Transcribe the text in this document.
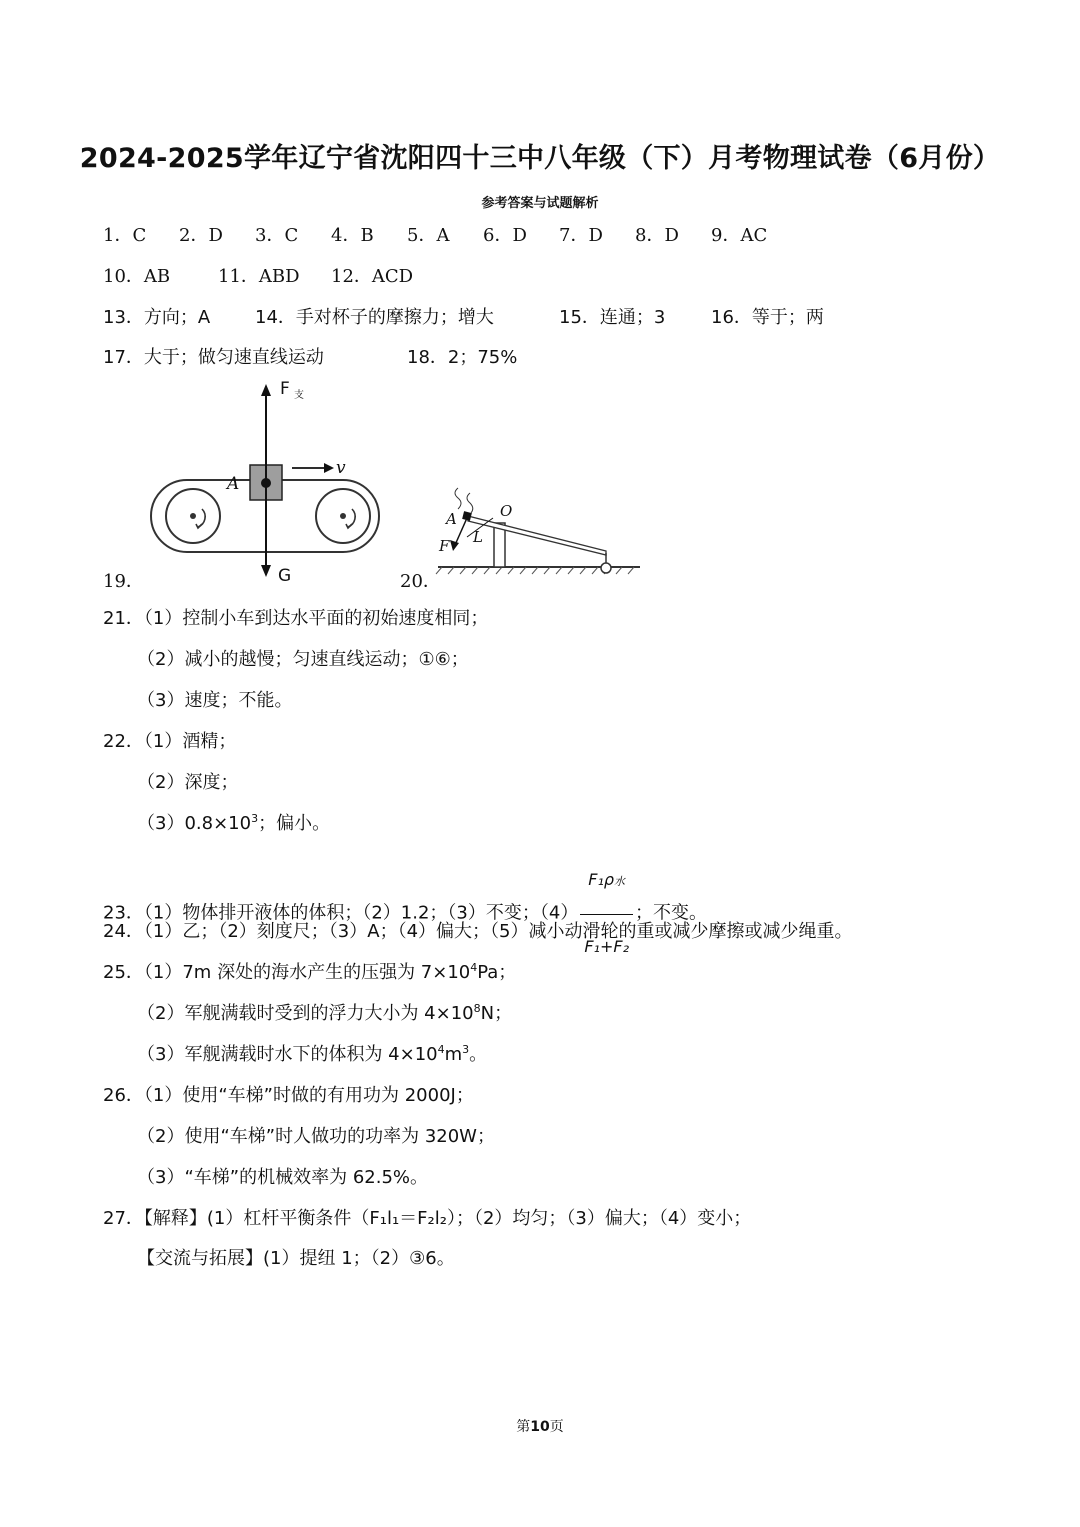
2024-2025学年辽宁省沈阳四十三中八年级（下）月考物理试卷（6月份）
参考答案与试题解析
1．C 2．D 3．C 4．B 5．A 6．D 7．D 8．D 9．AC
10．AB	11．ABD 12．ACD
13．方向；A 14．手对杯子的摩擦力；增大	15．连通；3	16．等于；两
17．大于；做匀速直线运动	18．2；75%
19．
F 支
v
A
G	20．
A	O
L
F
21．（1）控制小车到达水平面的初始速度相同；
（2）减小的越慢；匀速直线运动；①⑥；
（3）速度；不能。
22．（1）酒精；
（2）深度；
$(3)0.8\times 10^3$；偏小。
23．（1）物体排开液体的体积；（2）1.2；（3）不变；$(4) \frac{\text{F₁ρ水}}{\text{F₁+F₂}}$ ；不变。
24．（1）乙；（2）刻度尺；（3）A；（4）偏大；（5）减小动滑轮的重或减少摩擦或减少绳重。
25．（1）7m 深处的海水产生的压强为 $7\times 10^4Pa$；
（2）军舰满载时受到的浮力大小为 $4\times 10^8N$；
（3）军舰满载时水下的体积为 $4\times 10^4m^3$。
26．（1）使用“车梯”时做的有用功为 2000J；
（2）使用“车梯”时人做功的功率为 320W；
（3）“车梯”的机械效率为 62.5%。
27．【解释】(1）杠杆平衡条件（F₁l₁＝F₂l₂）；（2）均匀；（3）偏大；（4）变小；
【交流与拓展】(1）提纽 1；（2）③6。
第10页
